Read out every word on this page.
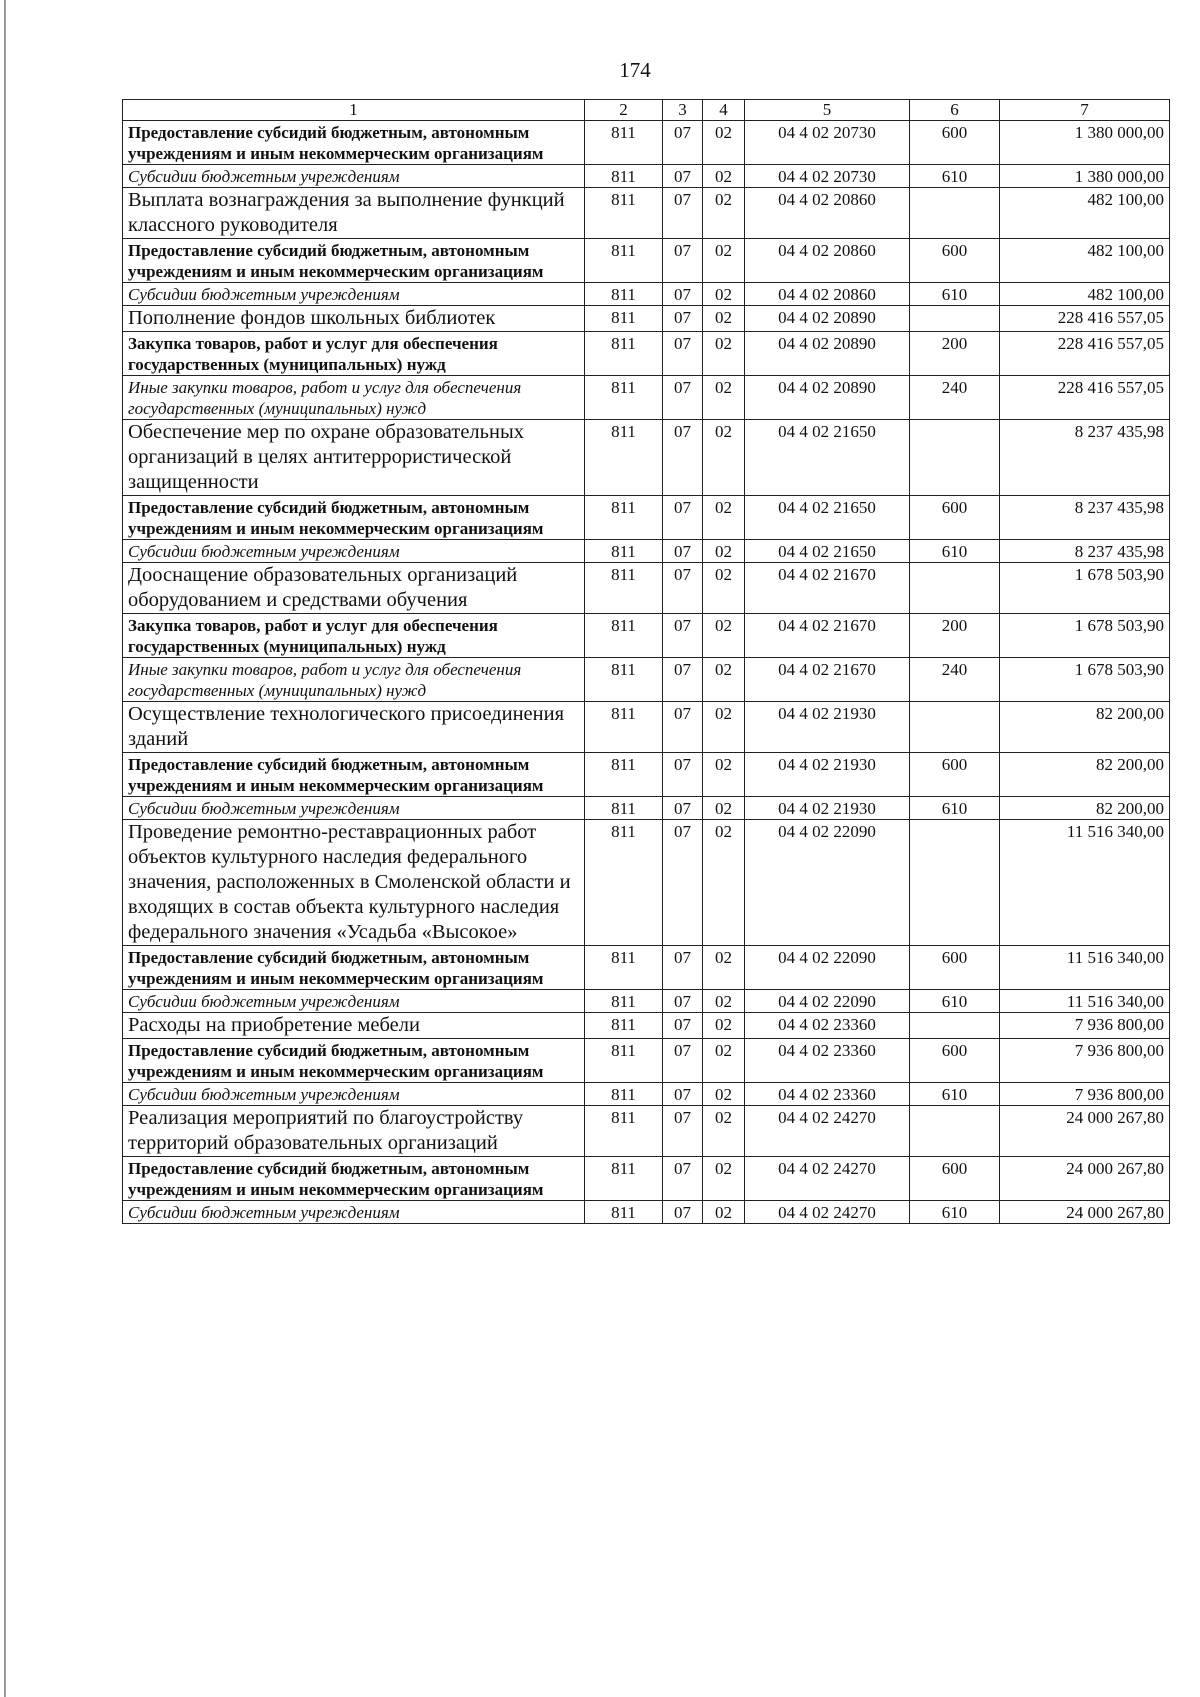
174
1	2	3	4	5	6	7
Предоставление субсидий бюджетным, автономным учреждениям и иным некоммерческим организациям	811	07	02	04 4 02 20730	600	1 380 000,00
Субсидии бюджетным учреждениям	811	07	02	04 4 02 20730	610	1 380 000,00
Выплата вознаграждения за выполнение функций классного руководителя	811	07	02	04 4 02 20860		482 100,00
Предоставление субсидий бюджетным, автономным учреждениям и иным некоммерческим организациям	811	07	02	04 4 02 20860	600	482 100,00
Субсидии бюджетным учреждениям	811	07	02	04 4 02 20860	610	482 100,00
Пополнение фондов школьных библиотек	811	07	02	04 4 02 20890		228 416 557,05
Закупка товаров, работ и услуг для обеспечения государственных (муниципальных) нужд	811	07	02	04 4 02 20890	200	228 416 557,05
Иные закупки товаров, работ и услуг для обеспечения государственных (муниципальных) нужд	811	07	02	04 4 02 20890	240	228 416 557,05
Обеспечение мер по охране образовательных организаций в целях антитеррористической защищенности	811	07	02	04 4 02 21650		8 237 435,98
Предоставление субсидий бюджетным, автономным учреждениям и иным некоммерческим организациям	811	07	02	04 4 02 21650	600	8 237 435,98
Субсидии бюджетным учреждениям	811	07	02	04 4 02 21650	610	8 237 435,98
Дооснащение образовательных организаций оборудованием и средствами обучения	811	07	02	04 4 02 21670		1 678 503,90
Закупка товаров, работ и услуг для обеспечения государственных (муниципальных) нужд	811	07	02	04 4 02 21670	200	1 678 503,90
Иные закупки товаров, работ и услуг для обеспечения государственных (муниципальных) нужд	811	07	02	04 4 02 21670	240	1 678 503,90
Осуществление технологического присоединения зданий	811	07	02	04 4 02 21930		82 200,00
Предоставление субсидий бюджетным, автономным учреждениям и иным некоммерческим организациям	811	07	02	04 4 02 21930	600	82 200,00
Субсидии бюджетным учреждениям	811	07	02	04 4 02 21930	610	82 200,00
Проведение ремонтно-реставрационных работ объектов культурного наследия федерального значения, расположенных в Смоленской области и входящих в состав объекта культурного наследия федерального значения «Усадьба «Высокое»	811	07	02	04 4 02 22090		11 516 340,00
Предоставление субсидий бюджетным, автономным учреждениям и иным некоммерческим организациям	811	07	02	04 4 02 22090	600	11 516 340,00
Субсидии бюджетным учреждениям	811	07	02	04 4 02 22090	610	11 516 340,00
Расходы на приобретение мебели	811	07	02	04 4 02 23360		7 936 800,00
Предоставление субсидий бюджетным, автономным учреждениям и иным некоммерческим организациям	811	07	02	04 4 02 23360	600	7 936 800,00
Субсидии бюджетным учреждениям	811	07	02	04 4 02 23360	610	7 936 800,00
Реализация мероприятий по благоустройству территорий образовательных организаций	811	07	02	04 4 02 24270		24 000 267,80
Предоставление субсидий бюджетным, автономным учреждениям и иным некоммерческим организациям	811	07	02	04 4 02 24270	600	24 000 267,80
Субсидии бюджетным учреждениям	811	07	02	04 4 02 24270	610	24 000 267,80
